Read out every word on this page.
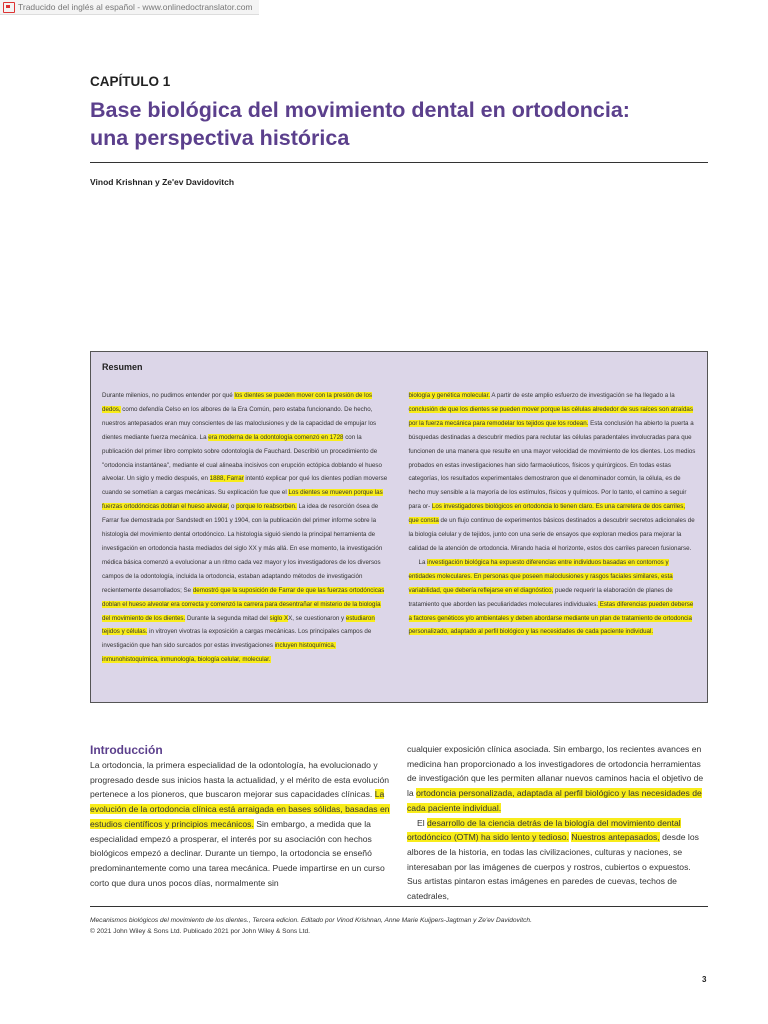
Traducido del inglés al español - www.onlinedoctranslator.com
CAPÍTULO 1
Base biológica del movimiento dental en ortodoncia:
una perspectiva histórica
Vinod Krishnan y Ze'ev Davidovitch
Resumen

Durante milenios, no pudimos entender por qué los dientes se pueden mover con la presión de los dedos, como defendía Celso en los albores de la Era Común, pero estaba funcionando. De hecho, nuestros antepasados eran muy conscientes de las maloclusiones y de la capacidad de empujar los dientes mediante fuerza mecánica. La era moderna de la odontología comenzó en 1728 con la publicación del primer libro completo sobre odontología de Fauchard. Describió un procedimiento de "ortodoncia instantánea", mediante el cual alineaba incisivos con erupción ectópica doblando el hueso alveolar. Un siglo y medio después, en 1888, Farrar intentó explicar por qué los dientes podían moverse cuando se sometían a cargas mecánicas. Su explicación fue que el Los dientes se mueven porque las fuerzas ortodóncicas doblan el hueso alveolar, o porque lo reabsorben. La idea de resorción ósea de Farrar fue demostrada por Sandstedt en 1901 y 1904, con la publicación del primer informe sobre la histología del movimiento dental ortodóncico. La histología siguió siendo la principal herramienta de investigación en ortodoncia hasta mediados del siglo XX y más allá. En ese momento, la investigación médica básica comenzó a evolucionar a un ritmo cada vez mayor y los investigadores de los diversos campos de la odontología, incluida la ortodoncia, estaban adaptando métodos de investigación recientemente desarrollados; Se demostró que la suposición de Farrar de que las fuerzas ortodóncicas doblan el hueso alveolar era correcta y comenzó la carrera para desentrañar el misterio de la biología del movimiento de los dientes. Durante la segunda mitad del siglo XX, se cuestionaron y estudiaron tejidos y células. in vitroyen vivotras la exposición a cargas mecánicas. Los principales campos de investigación que han sido surcados por estas investigaciones incluyen histoquímica, inmunohistoquímica, inmunología, biología celular, molecular.

biología y genética molecular. A partir de este amplio esfuerzo de investigación se ha llegado a la conclusión de que los dientes se pueden mover porque las células alrededor de sus raíces son atraídas por la fuerza mecánica para remodelar los tejidos que los rodean. Esta conclusión ha abierto la puerta a búsquedas destinadas a descubrir medios para reclutar las células paradentales involucradas para que funcionen de una manera que resulte en una mayor velocidad de movimiento de los dientes. Los medios probados en estas investigaciones han sido farmacéuticos, físicos y quirúrgicos. En todas estas categorías, los resultados experimentales demostraron que el denominador común, la célula, es de hecho muy sensible a la mayoría de los estímulos, físicos y químicos. Por lo tanto, el camino a seguir para or- Los investigadores biológicos en ortodoncia lo tienen claro. Es una carretera de dos carriles, que consta de un flujo continuo de experimentos básicos destinados a descubrir secretos adicionales de la biología celular y de tejidos, junto con una serie de ensayos que exploran medios para mejorar la calidad de la atención de ortodoncia. Mirando hacia el horizonte, estos dos carriles parecen fusionarse.

La investigación biológica ha expuesto diferencias entre individuos basadas en contornos y entidades moleculares. En personas que poseen maloclusiones y rasgos faciales similares, esta variabilidad, que debería reflejarse en el diagnóstico, puede requerir la elaboración de planes de tratamiento que aborden las peculiaridades moleculares individuales. Estas diferencias pueden deberse a factores genéticos y/o ambientales y deben abordarse mediante un plan de tratamiento de ortodoncia personalizado, adaptado al perfil biológico y las necesidades de cada paciente individual.

Introducción

La ortodoncia, la primera especialidad de la odontología, ha evolucionado y progresado desde sus inicios hasta la actualidad, y el mérito de esta evolución pertenece a los pioneros, que buscaron mejorar sus capacidades clínicas. La evolución de la ortodoncia clínica está arraigada en bases sólidas, basadas en estudios científicos y principios mecánicos. Sin embargo, a medida que la especialidad empezó a prosperar, el interés por su asociación con hechos biológicos empezó a declinar. Durante un tiempo, la ortodoncia se enseñó predominantemente como una tarea mecánica. Puede impartirse en un curso corto que dura unos pocos días, normalmente sin

cualquier exposición clínica asociada. Sin embargo, los recientes avances en medicina han proporcionado a los investigadores de ortodoncia herramientas de investigación que les permiten allanar nuevos caminos hacia el objetivo de la ortodoncia personalizada, adaptada al perfil biológico y las necesidades de cada paciente individual.

El desarrollo de la ciencia detrás de la biología del movimiento dental ortodóncico (OTM) ha sido lento y tedioso. Nuestros antepasados, desde los albores de la historia, en todas las civilizaciones, culturas y naciones, se interesaban por las imágenes de cuerpos y rostros, cubiertos o expuestos. Sus artistas pintaron estas imágenes en paredes de cuevas, techos de catedrales,

Mecanismos biológicos del movimiento de los dientes., Tercera edicion. Editado por Vinod Krishnan, Anne Marie Kuijpers-Jagtman y Ze'ev Davidovitch.

© 2021 John Wiley & Sons Ltd. Publicado 2021 por John Wiley & Sons Ltd.

3
